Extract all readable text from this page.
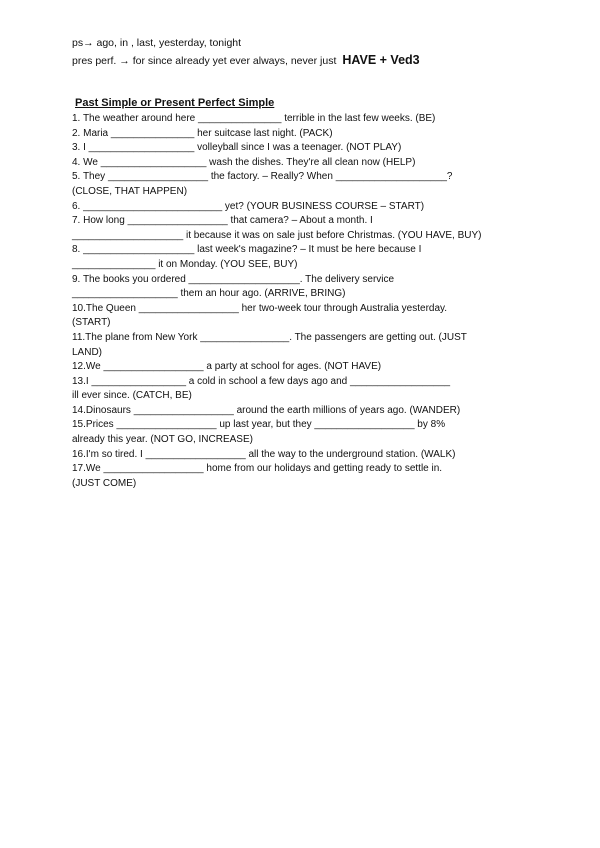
ps→ ago, in , last, yesterday, tonight
pres perf. → for since already yet ever always, never just HAVE + Ved3
Past Simple or Present Perfect Simple
1. The weather around here _______________ terrible in the last few weeks. (BE)
2. Maria _______________ her suitcase last night. (PACK)
3. I ___________________ volleyball since I was a teenager. (NOT PLAY)
4. We ___________________ wash the dishes. They're all clean now (HELP)
5. They __________________ the factory. – Really? When ____________________?
(CLOSE, THAT HAPPEN)
6. _________________________ yet? (YOUR BUSINESS COURSE – START)
7. How long __________________ that camera? – About a month. I
____________________ it because it was on sale just before Christmas. (YOU HAVE, BUY)
8. ____________________ last week's magazine? – It must be here because I
_______________ it on Monday. (YOU SEE, BUY)
9. The books you ordered ____________________. The delivery service
___________________ them an hour ago. (ARRIVE, BRING)
10.The Queen __________________ her two-week tour through Australia yesterday.
(START)
11.The plane from New York ________________. The passengers are getting out. (JUST
LAND)
12.We __________________ a party at school for ages. (NOT HAVE)
13.I _________________ a cold in school a few days ago and __________________
ill ever since. (CATCH, BE)
14.Dinosaurs __________________ around the earth millions of years ago. (WANDER)
15.Prices __________________ up last year, but they __________________ by 8%
already this year. (NOT GO, INCREASE)
16.I'm so tired. I __________________ all the way to the underground station. (WALK)
17.We __________________ home from our holidays and getting ready to settle in.
(JUST COME)
